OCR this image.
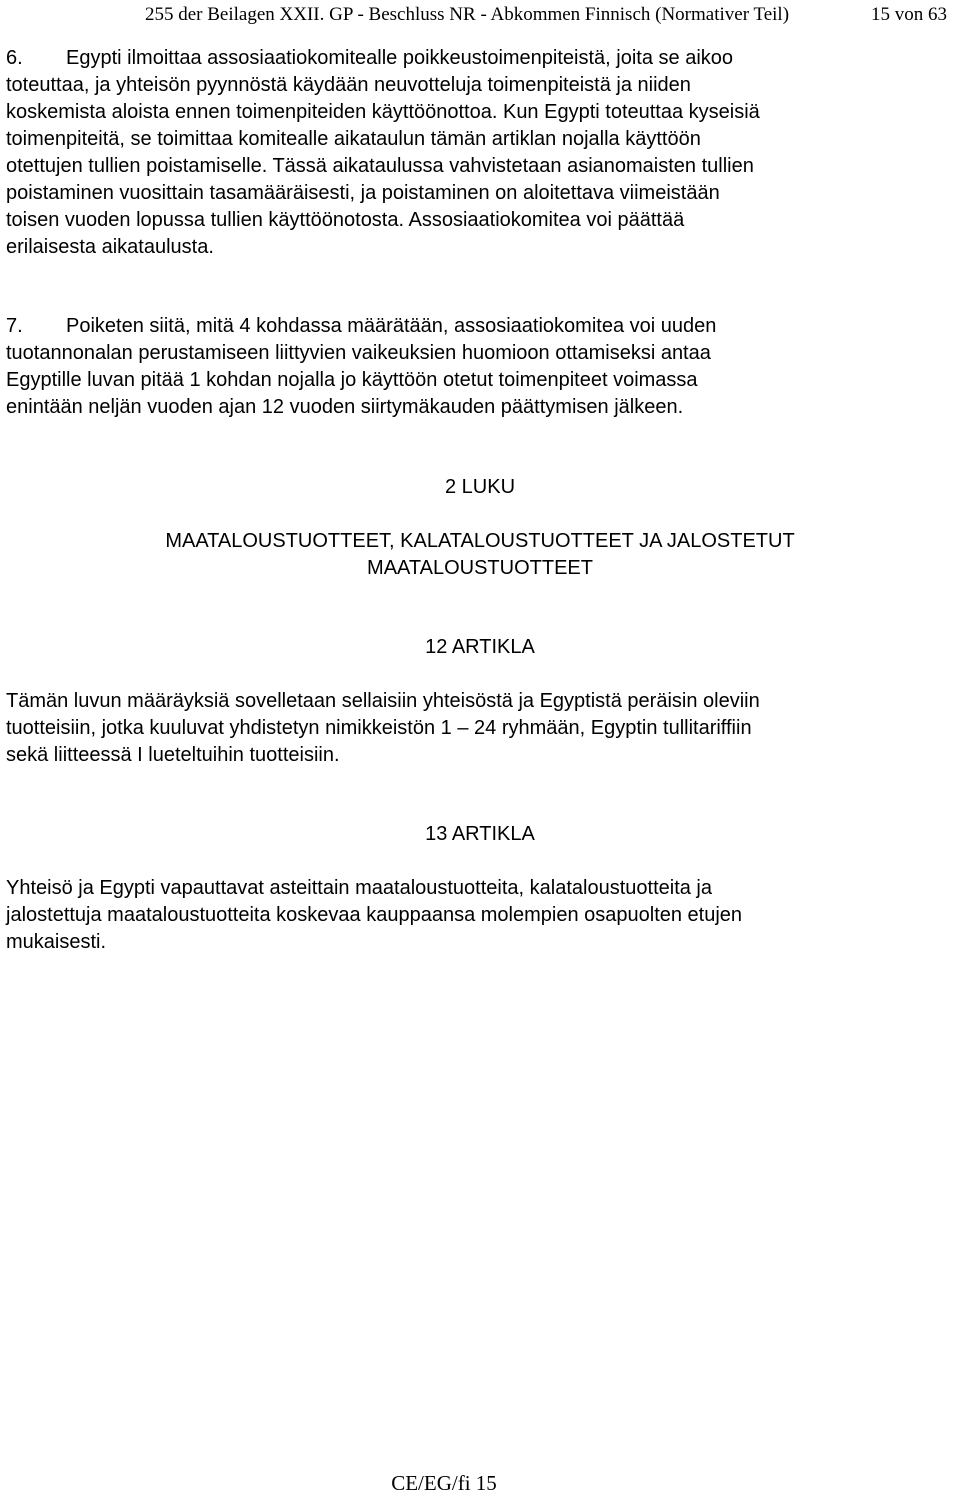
255 der Beilagen XXII. GP - Beschluss NR - Abkommen Finnisch (Normativer Teil)	15 von 63
6. Egypti ilmoittaa assosiaatiokomitealle poikkeustoimenpiteistä, joita se aikoo
toteuttaa, ja yhteisön pyynnöstä käydään neuvotteluja toimenpiteistä ja niiden
koskemista aloista ennen toimenpiteiden käyttöönottoa. Kun Egypti toteuttaa kyseisiä
toimenpiteitä, se toimittaa komitealle aikataulun tämän artiklan nojalla käyttöön
otettujen tullien poistamiselle. Tässä aikataulussa vahvistetaan asianomaisten tullien
poistaminen vuosittain tasamääräisesti, ja poistaminen on aloitettava viimeistään
toisen vuoden lopussa tullien käyttöönotosta. Assosiaatiokomitea voi päättää
erilaisesta aikataulusta.
7. Poiketen siitä, mitä 4 kohdassa määrätään, assosiaatiokomitea voi uuden
tuotannonalan perustamiseen liittyvien vaikeuksien huomioon ottamiseksi antaa
Egyptille luvan pitää 1 kohdan nojalla jo käyttöön otetut toimenpiteet voimassa
enintään neljän vuoden ajan 12 vuoden siirtymäkauden päättymisen jälkeen.
2 LUKU
MAATALOUSTUOTTEET, KALATALOUSTUOTTEET JA JALOSTETUT
MAATALOUSTUOTTEET
12 ARTIKLA
Tämän luvun määräyksiä sovelletaan sellaisiin yhteisöstä ja Egyptistä peräisin oleviin
tuotteisiin, jotka kuuluvat yhdistetyn nimikkeistön 1 – 24 ryhmään, Egyptin tullitariffiin
sekä liitteessä I lueteltuihin tuotteisiin.
13 ARTIKLA
Yhteisö ja Egypti vapauttavat asteittain maataloustuotteita, kalataloustuotteita ja
jalostettuja maataloustuotteita koskevaa kauppaansa molempien osapuolten etujen
mukaisesti.
CE/EG/fi 15
